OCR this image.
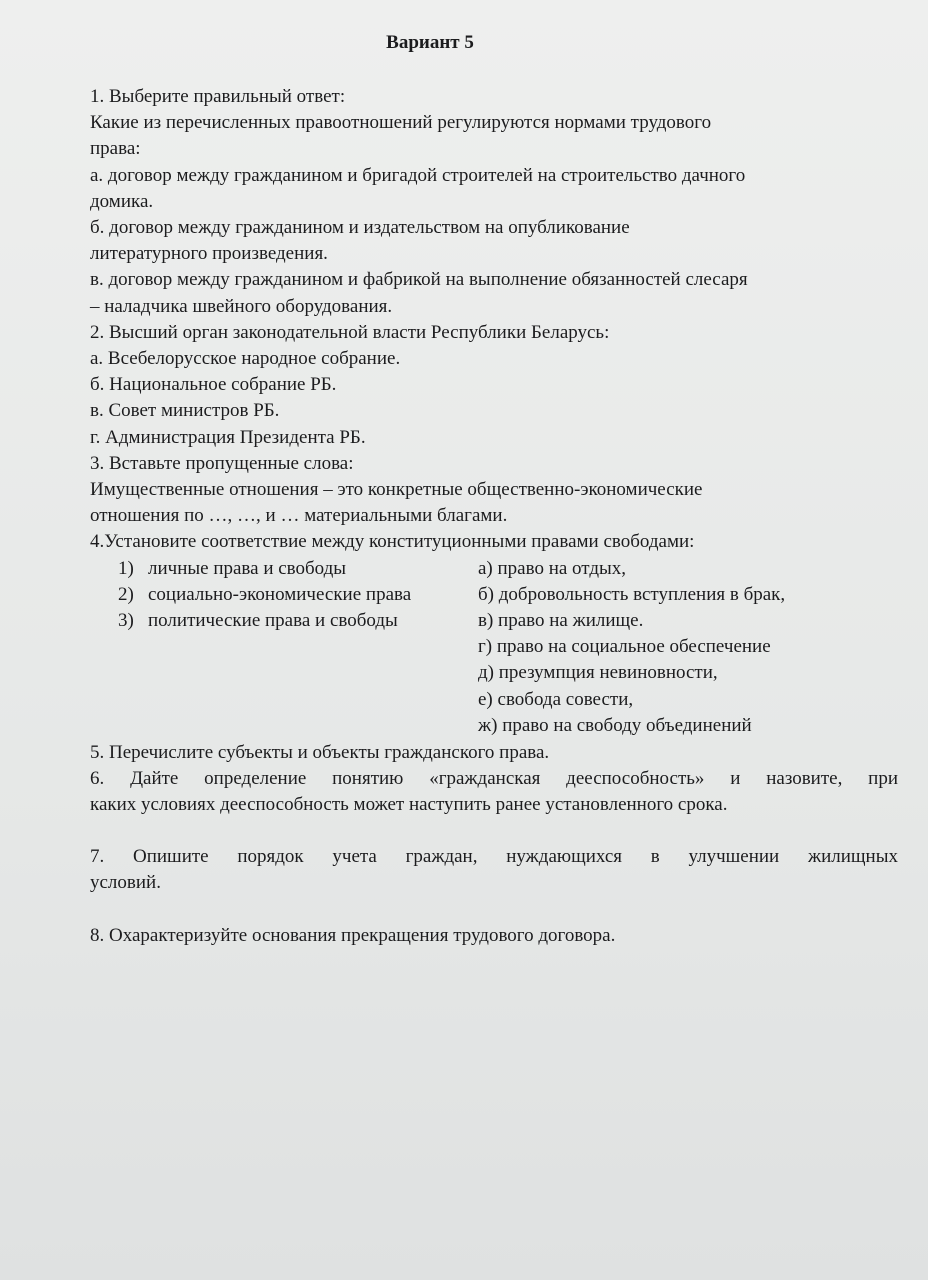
Вариант 5
1. Выберите правильный ответ:
Какие из перечисленных правоотношений регулируются нормами трудового
права:
а. договор между гражданином и бригадой строителей на строительство дачного
домика.
б. договор между гражданином и издательством на опубликование
литературного произведения.
в. договор между гражданином и фабрикой на выполнение обязанностей слесаря
– наладчика швейного оборудования.
2. Высший орган законодательной власти Республики Беларусь:
а. Всебелорусское народное собрание.
б. Национальное собрание РБ.
в. Совет министров РБ.
г. Администрация Президента РБ.
3. Вставьте пропущенные слова:
Имущественные отношения – это конкретные общественно-экономические
отношения по …, …, и … материальными благами.
4.Установите соответствие между конституционными правами свободами:
1) личные права и свободы
2) социально-экономические права
3) политические права и свободы
а) право на отдых,
б) добровольность вступления в брак,
в) право на жилище.
г) право на социальное обеспечение
д) презумпция невиновности,
е) свобода совести,
ж) право на свободу объединений
5. Перечислите субъекты и объекты гражданского права.
6. Дайте определение понятию «гражданская дееспособность» и назовите, при
каких условиях дееспособность может наступить ранее установленного срока.
7. Опишите порядок учета граждан, нуждающихся в улучшении жилищных
условий.
8. Охарактеризуйте основания прекращения трудового договора.
